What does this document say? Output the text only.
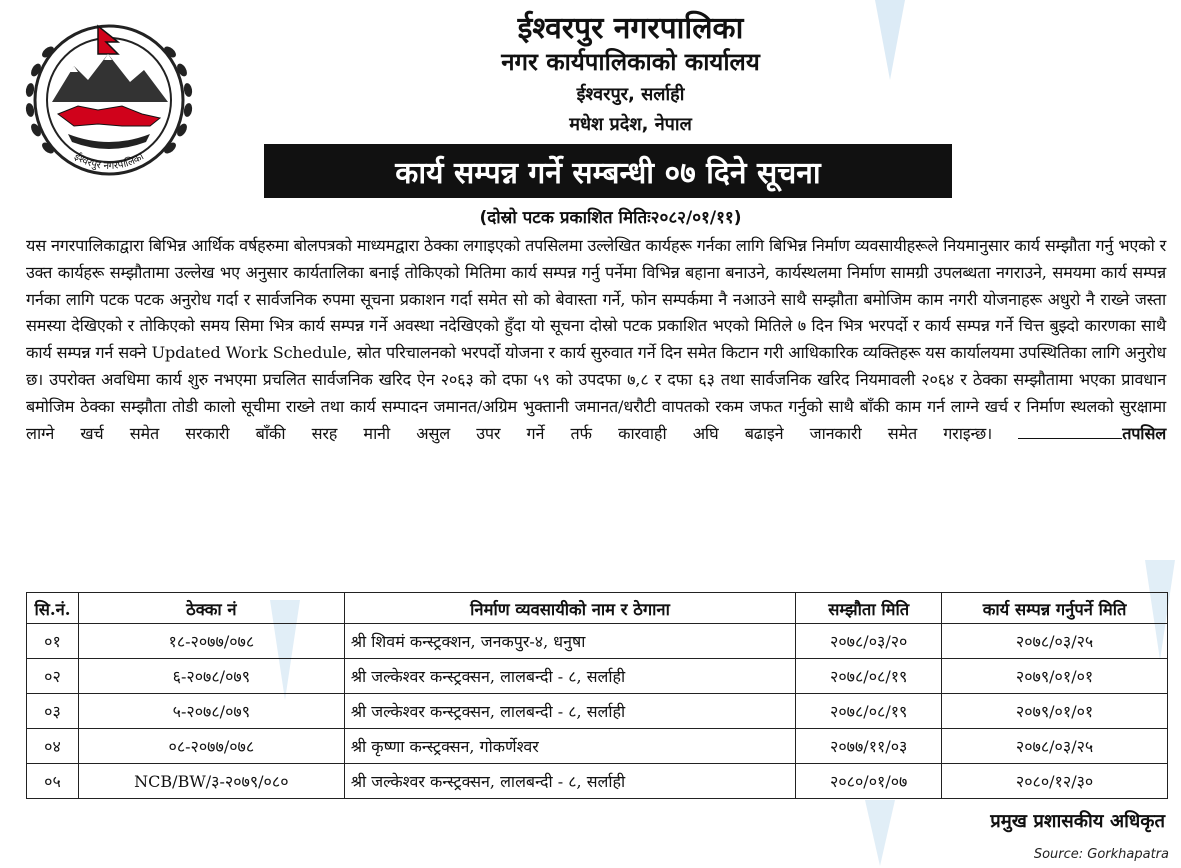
ईश्वरपुर नगरपालिका
ईश्वरपुर नगरपालिका
नगर कार्यपालिकाको कार्यालय
ईश्वरपुर, सर्लाही
मधेश प्रदेश, नेपाल
कार्य सम्पन्न गर्ने सम्बन्धी ०७ दिने सूचना
(दोस्रो पटक प्रकाशित मितिः२०८२/०१/११)
यस नगरपालिकाद्वारा बिभिन्न आर्थिक वर्षहरुमा बोलपत्रको माध्यमद्वारा ठेक्का लगाइएको तपसिलमा उल्लेखित कार्यहरू गर्नका लागि बिभिन्न निर्माण व्यवसायीहरूले नियमानुसार कार्य सम्झौता गर्नु भएको र उक्त कार्यहरू सम्झौतामा उल्लेख भए अनुसार कार्यतालिका बनाई तोकिएको मितिमा कार्य सम्पन्न गर्नु पर्नेमा विभिन्न बहाना बनाउने, कार्यस्थलमा निर्माण सामग्री उपलब्धता नगराउने, समयमा कार्य सम्पन्न गर्नका लागि पटक पटक अनुरोध गर्दा र सार्वजनिक रुपमा सूचना प्रकाशन गर्दा समेत सो को बेवास्ता गर्ने, फोन सम्पर्कमा नै नआउने साथै सम्झौता बमोजिम काम नगरी योजनाहरू अधुरो नै राख्ने जस्ता समस्या देखिएको र तोकिएको समय सिमा भित्र कार्य सम्पन्न गर्ने अवस्था नदेखिएको हुँदा यो सूचना दोस्रो पटक प्रकाशित भएको मितिले ७ दिन भित्र भरपर्दो र कार्य सम्पन्न गर्ने चित्त बुझ्दो कारणका साथै कार्य सम्पन्न गर्न सक्ने Updated Work Schedule, स्रोत परिचालनको भरपर्दो योजना र कार्य सुरुवात गर्ने दिन समेत किटान गरी आधिकारिक व्यक्तिहरू यस कार्यालयमा उपस्थितिका लागि अनुरोध छ। उपरोक्त अवधिमा कार्य शुरु नभएमा प्रचलित सार्वजनिक खरिद ऐन २०६३ को दफा ५९ को उपदफा ७,८ र दफा ६३ तथा सार्वजनिक खरिद नियमावली २०६४ र ठेक्का सम्झौतामा भएका प्रावधान बमोजिम ठेक्का सम्झौता तोडी कालो सूचीमा राख्ने तथा कार्य सम्पादन जमानत/अग्रिम भुक्तानी जमानत/धरौटी वापतको रकम जफत गर्नुको साथै बाँकी काम गर्न लाग्ने खर्च र निर्माण स्थलको सुरक्षामा लाग्ने खर्च समेत सरकारी बाँकी सरह मानी असुल उपर गर्ने तर्फ कारवाही अघि बढाइने जानकारी समेत गराइन्छ।	तपसिल
सि.नं.	ठेक्का नं	निर्माण व्यवसायीको नाम र ठेगाना	सम्झौता मिति	कार्य सम्पन्न गर्नुपर्ने मिति
०१	१८-२०७७/०७८	श्री शिवमं कन्स्ट्रक्शन, जनकपुर-४, धनुषा	२०७८/०३/२०	२०७८/०३/२५
०२	६-२०७८/०७९	श्री जल्केश्वर कन्स्ट्रक्सन, लालबन्दी - ८, सर्लाही	२०७८/०८/१९	२०७९/०१/०१
०३	५-२०७८/०७९	श्री जल्केश्वर कन्स्ट्रक्सन, लालबन्दी - ८, सर्लाही	२०७८/०८/१९	२०७९/०१/०१
०४	०८-२०७७/०७८	श्री कृष्णा कन्स्ट्रक्सन, गोकर्णेश्वर	२०७७/११/०३	२०७८/०३/२५
०५	NCB/BW/३-२०७९/०८०	श्री जल्केश्वर कन्स्ट्रक्सन, लालबन्दी - ८, सर्लाही	२०८०/०१/०७	२०८०/१२/३०
प्रमुख प्रशासकीय अधिकृत
Source: Gorkhapatra
